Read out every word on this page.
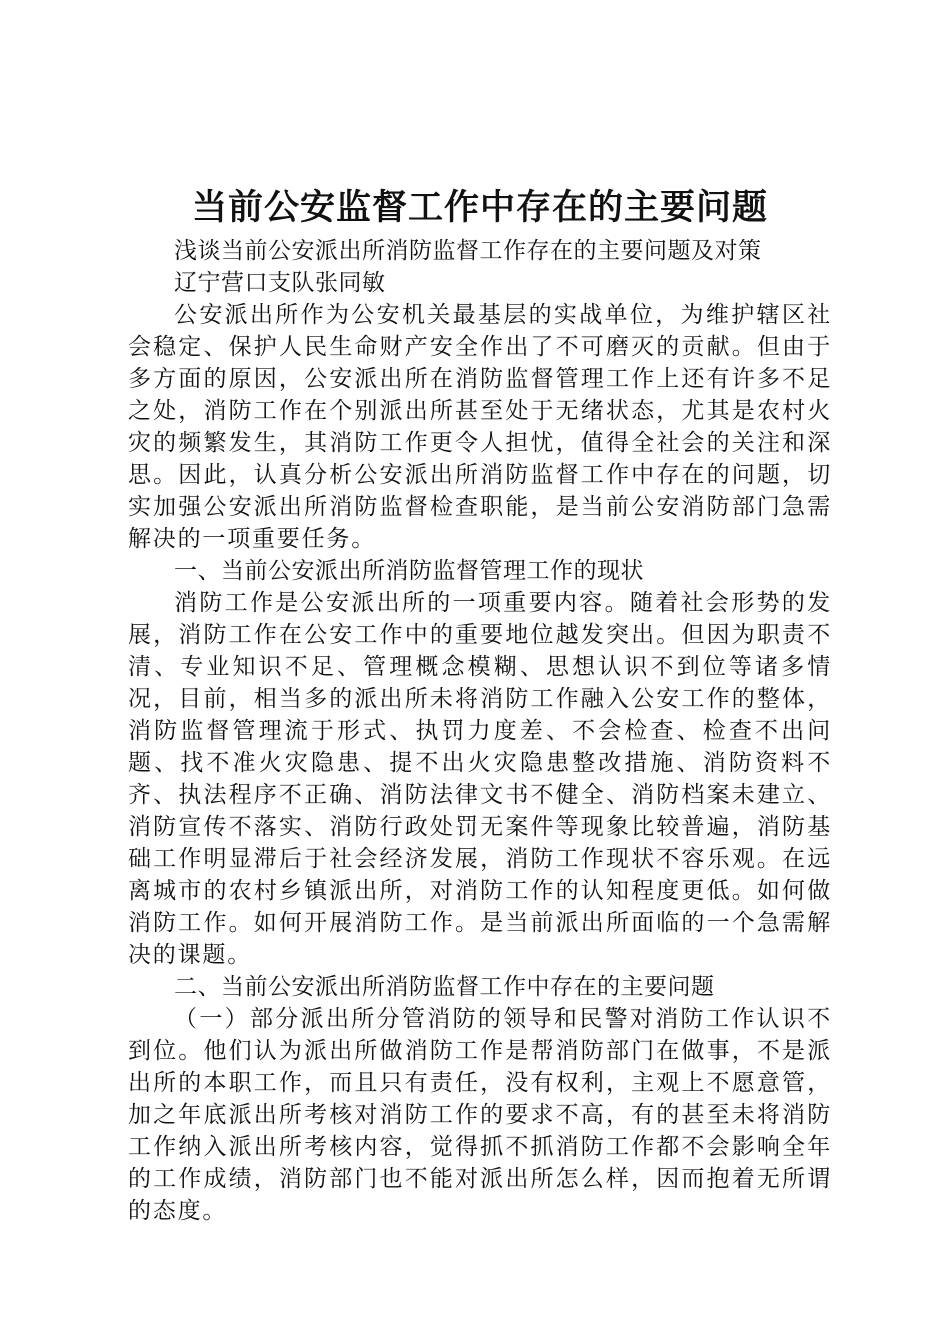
当前公安监督工作中存在的主要问题

浅谈当前公安派出所消防监督工作存在的主要问题及对策

辽宁营口支队张同敏

公安派出所作为公安机关最基层的实战单位，为维护辖区社会稳定、保护人民生命财产安全作出了不可磨灭的贡献。但由于多方面的原因，公安派出所在消防监督管理工作上还有许多不足之处，消防工作在个别派出所甚至处于无绪状态，尤其是农村火灾的频繁发生，其消防工作更令人担忧，值得全社会的关注和深思。因此，认真分析公安派出所消防监督工作中存在的问题，切实加强公安派出所消防监督检查职能，是当前公安消防部门急需解决的一项重要任务。

一、当前公安派出所消防监督管理工作的现状

消防工作是公安派出所的一项重要内容。随着社会形势的发展，消防工作在公安工作中的重要地位越发突出。但因为职责不清、专业知识不足、管理概念模糊、思想认识不到位等诸多情况，目前，相当多的派出所未将消防工作融入公安工作的整体，消防监督管理流于形式、执罚力度差、不会检查、检查不出问题、找不准火灾隐患、提不出火灾隐患整改措施、消防资料不齐、执法程序不正确、消防法律文书不健全、消防档案未建立、消防宣传不落实、消防行政处罚无案件等现象比较普遍，消防基础工作明显滞后于社会经济发展，消防工作现状不容乐观。在远离城市的农村乡镇派出所，对消防工作的认知程度更低。如何做消防工作。如何开展消防工作。是当前派出所面临的一个急需解决的课题。

二、当前公安派出所消防监督工作中存在的主要问题

（一）部分派出所分管消防的领导和民警对消防工作认识不到位。他们认为派出所做消防工作是帮消防部门在做事，不是派出所的本职工作，而且只有责任，没有权利，主观上不愿意管，加之年底派出所考核对消防工作的要求不高，有的甚至未将消防工作纳入派出所考核内容，觉得抓不抓消防工作都不会影响全年的工作成绩，消防部门也不能对派出所怎么样，因而抱着无所谓的态度。
